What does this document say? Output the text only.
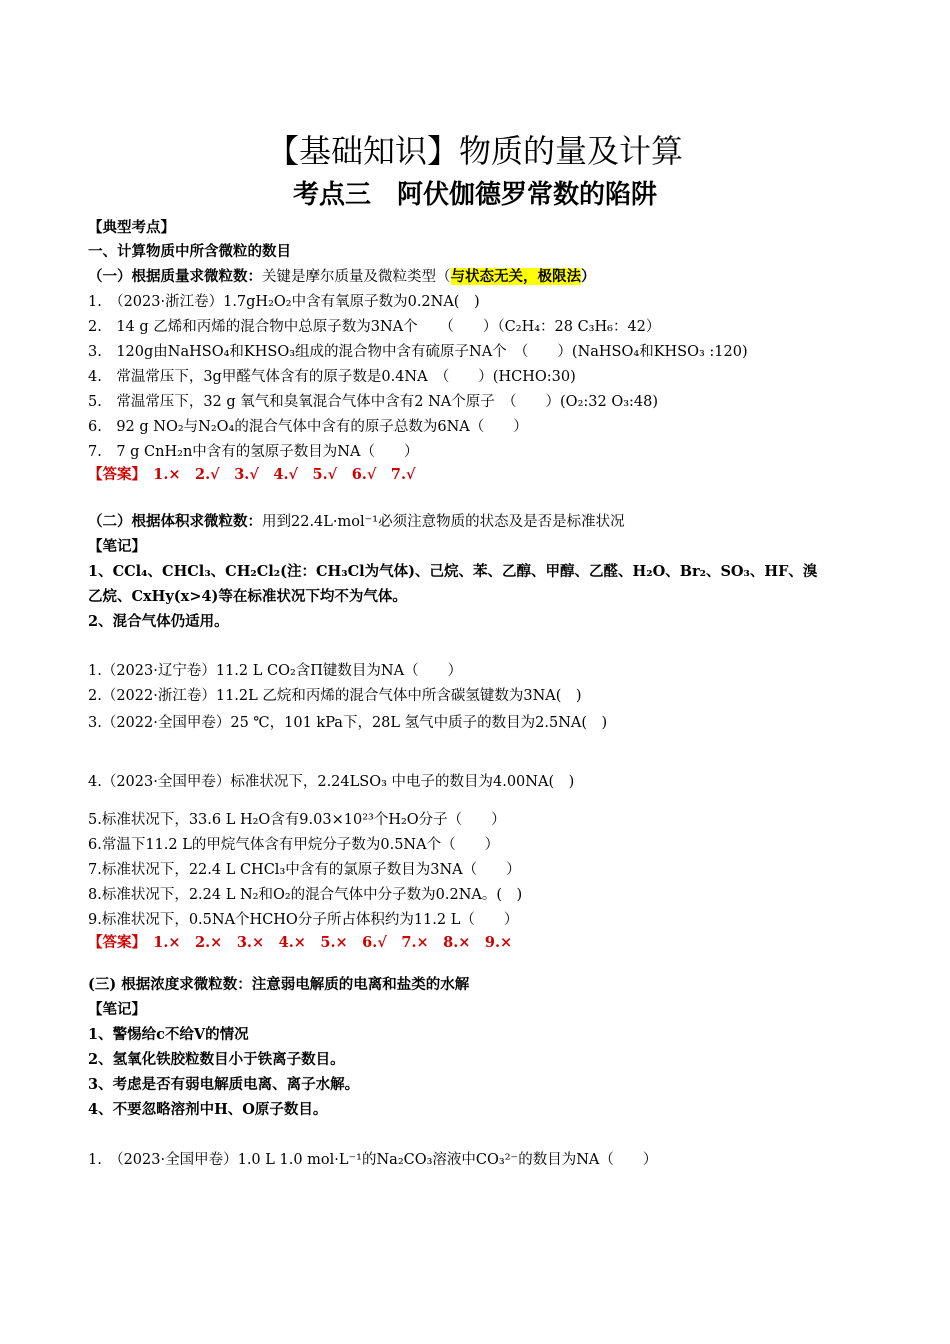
【基础知识】物质的量及计算
考点三　阿伏伽德罗常数的陷阱
【典型考点】
一、计算物质中所含微粒的数目
（一）根据质量求微粒数：关键是摩尔质量及微粒类型（与状态无关，极限法）
1.　（2023·浙江卷）1.7gH₂O₂中含有氧原子数为0.2NA(　)
2.　14 g 乙烯和丙烯的混合物中总原子数为3NA个　　（　　）（C₂H₄：28 C₃H₆：42）
3.　120g由NaHSO₄和KHSO₃组成的混合物中含有硫原子NA个　（　　）(NaHSO₄和KHSO₃ :120)
4.　常温常压下，3g甲醛气体含有的原子数是0.4NA　（　　）(HCHO:30)
5.　常温常压下，32 g 氧气和臭氧混合气体中含有2 NA个原子　（　　）(O₂:32 O₃:48)
6.　92 g NO₂与N₂O₄的混合气体中含有的原子总数为6NA（　　）
7.　7 g CnH₂n中含有的氢原子数目为NA（　　）
【答案】　 1.×　2.√　3.√　4.√　5.√　6.√　7.√
（二）根据体积求微粒数：用到22.4L·mol⁻¹必须注意物质的状态及是否是标准状况
【笔记】
1、CCl₄、CHCl₃、CH₂Cl₂(注：CH₃Cl为气体)、己烷、苯、乙醇、甲醇、乙醛、H₂O、Br₂、SO₃、HF、溴
乙烷、CxHy(x>4)等在标准状况下均不为气体。
2、混合气体仍适用。
1.（2023·辽宁卷）11.2 L CO₂含Π键数目为NA（　　）
2.（2022·浙江卷）11.2L 乙烷和丙烯的混合气体中所含碳氢键数为3NA(　)
3.（2022·全国甲卷）25 ℃，101 kPa下，28L 氢气中质子的数目为2.5NA(　)
4.（2023·全国甲卷）标准状况下，2.24LSO₃ 中电子的数目为4.00NA(　)
5.标准状况下，33.6 L H₂O含有9.03×10²³个H₂O分子（　　）
6.常温下11.2 L的甲烷气体含有甲烷分子数为0.5NA个（　　）
7.标准状况下，22.4 L CHCl₃中含有的氯原子数目为3NA（　　）
8.标准状况下，2.24 L N₂和O₂的混合气体中分子数为0.2NA。(　)
9.标准状况下，0.5NA个HCHO分子所占体积约为11.2 L（　　）
【答案】　 1.×　2.×　3.×　4.×　5.×　6.√　7.×　8.×　9.×
(三) 根据浓度求微粒数：注意弱电解质的电离和盐类的水解
【笔记】
1、警惕给c不给V的情况
2、氢氧化铁胶粒数目小于铁离子数目。
3、考虑是否有弱电解质电离、离子水解。
4、不要忽略溶剂中H、O原子数目。
1.　（2023·全国甲卷）1.0 L 1.0 mol·L⁻¹的Na₂CO₃溶液中CO₃²⁻的数目为NA（　　）
